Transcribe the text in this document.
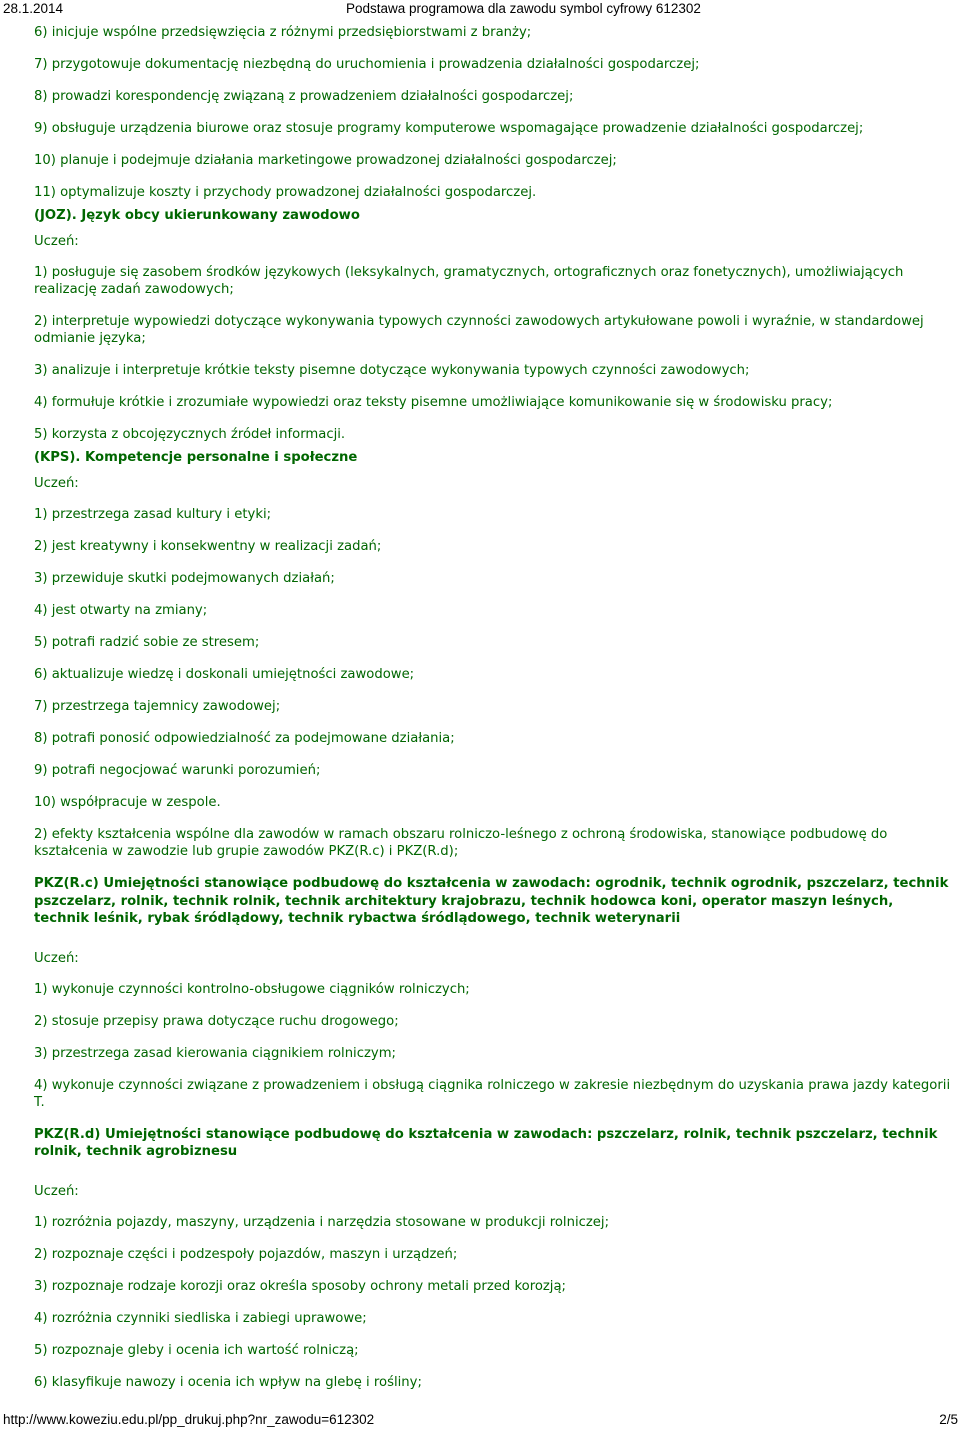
28.1.2014	Podstawa programowa dla zawodu symbol cyfrowy 612302

6) inicjuje wspólne przedsięwzięcia z różnymi przedsiębiorstwami z branży;

7) przygotowuje dokumentację niezbędną do uruchomienia i prowadzenia działalności gospodarczej;

8) prowadzi korespondencję związaną z prowadzeniem działalności gospodarczej;

9) obsługuje urządzenia biurowe oraz stosuje programy komputerowe wspomagające prowadzenie działalności gospodarczej;

10) planuje i podejmuje działania marketingowe prowadzonej działalności gospodarczej;

11) optymalizuje koszty i przychody prowadzonej działalności gospodarczej.

(JOZ). Język obcy ukierunkowany zawodowo

Uczeń:

1) posługuje się zasobem środków językowych (leksykalnych, gramatycznych, ortograficznych oraz fonetycznych), umożliwiających realizację zadań zawodowych;

2) interpretuje wypowiedzi dotyczące wykonywania typowych czynności zawodowych artykułowane powoli i wyraźnie, w standardowej odmianie języka;

3) analizuje i interpretuje krótkie teksty pisemne dotyczące wykonywania typowych czynności zawodowych;

4) formułuje krótkie i zrozumiałe wypowiedzi oraz teksty pisemne umożliwiające komunikowanie się w środowisku pracy;

5) korzysta z obcojęzycznych źródeł informacji.

(KPS). Kompetencje personalne i społeczne

Uczeń:

1) przestrzega zasad kultury i etyki;

2) jest kreatywny i konsekwentny w realizacji zadań;

3) przewiduje skutki podejmowanych działań;

4) jest otwarty na zmiany;

5) potrafi radzić sobie ze stresem;

6) aktualizuje wiedzę i doskonali umiejętności zawodowe;

7) przestrzega tajemnicy zawodowej;

8) potrafi ponosić odpowiedzialność za podejmowane działania;

9) potrafi negocjować warunki porozumień;

10) współpracuje w zespole.

2) efekty kształcenia wspólne dla zawodów w ramach obszaru rolniczo-leśnego z ochroną środowiska, stanowiące podbudowę do kształcenia w zawodzie lub grupie zawodów PKZ(R.c) i PKZ(R.d);

PKZ(R.c) Umiejętności stanowiące podbudowę do kształcenia w zawodach: ogrodnik, technik ogrodnik, pszczelarz, technik pszczelarz, rolnik, technik rolnik, technik architektury krajobrazu, technik hodowca koni, operator maszyn leśnych, technik leśnik, rybak śródlądowy, technik rybactwa śródlądowego, technik weterynarii

Uczeń:

1) wykonuje czynności kontrolno-obsługowe ciągników rolniczych;

2) stosuje przepisy prawa dotyczące ruchu drogowego;

3) przestrzega zasad kierowania ciągnikiem rolniczym;

4) wykonuje czynności związane z prowadzeniem i obsługą ciągnika rolniczego w zakresie niezbędnym do uzyskania prawa jazdy kategorii T.

PKZ(R.d) Umiejętności stanowiące podbudowę do kształcenia w zawodach: pszczelarz, rolnik, technik pszczelarz, technik rolnik, technik agrobiznesu

Uczeń:

1) rozróżnia pojazdy, maszyny, urządzenia i narzędzia stosowane w produkcji rolniczej;

2) rozpoznaje części i podzespoły pojazdów, maszyn i urządzeń;

3) rozpoznaje rodzaje korozji oraz określa sposoby ochrony metali przed korozją;

4) rozróżnia czynniki siedliska i zabiegi uprawowe;

5) rozpoznaje gleby i ocenia ich wartość rolniczą;

6) klasyfikuje nawozy i ocenia ich wpływ na glebę i rośliny;

http://www.koweziu.edu.pl/pp_drukuj.php?nr_zawodu=612302	2/5
